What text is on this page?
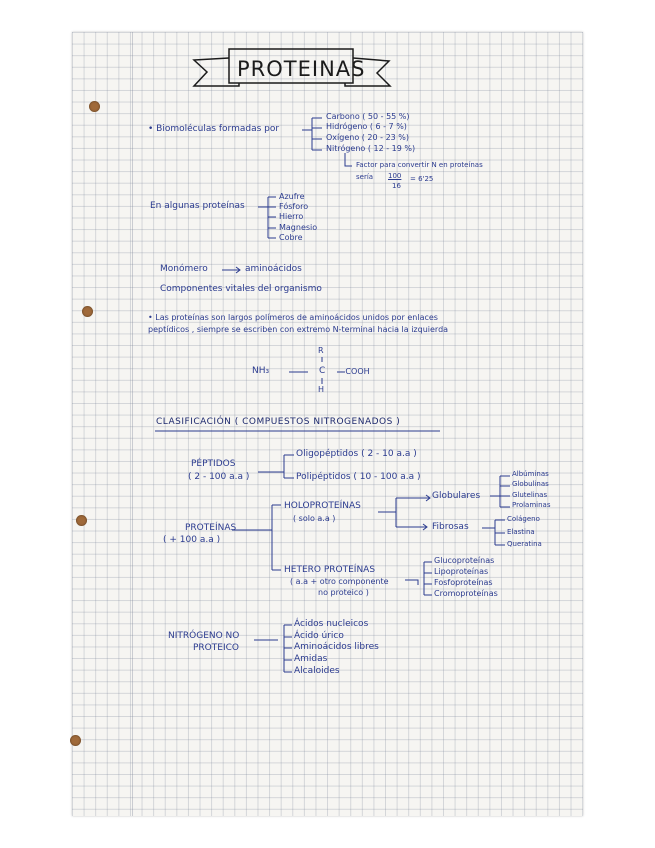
PROTEINAS
• Biomoléculas formadas por
Carbono ( 50 - 55 %)
Hidrógeno ( 6 - 7 %)
Oxígeno ( 20 - 23 %)
Nitrógeno ( 12 - 19 %)
Factor para convertir N en proteínas
sería 100
16
= 6'25
En algunas proteínas
Azufre
Fósforo
Hierro
Magnesio
Cobre
Monómero	aminoácidos
Componentes vitales del organismo
• Las proteínas son largos polímeros de aminoácidos unidos por enlaces
peptídicos , siempre se escriben con extremo N-terminal hacia la izquierda
R
NH₃	C - COOH
H
CLASIFICACIÓN ( COMPUESTOS NITROGENADOS )
PÉPTIDOS
( 2 - 100 a.a )
Oligopéptidos ( 2 - 10 a.a )
Polipéptidos ( 10 - 100 a.a )
PROTEÍNAS
( + 100 a.a )
HOLOPROTEÍNAS
( solo a.a )
Globulares
Albúminas
Globulinas
Glutelinas
Prolaminas
Fibrosas
Colágeno
Elastina
Queratina
HETERO PROTEÍNAS
( a.a + otro componente
no proteico )
Glucoproteínas
Lipoproteínas
Fosfoproteínas
Cromoproteínas
NITRÓGENO NO
PROTEICO
Ácidos nucleicos
Ácido úrico
Aminoácidos libres
Amidas
Alcaloides
